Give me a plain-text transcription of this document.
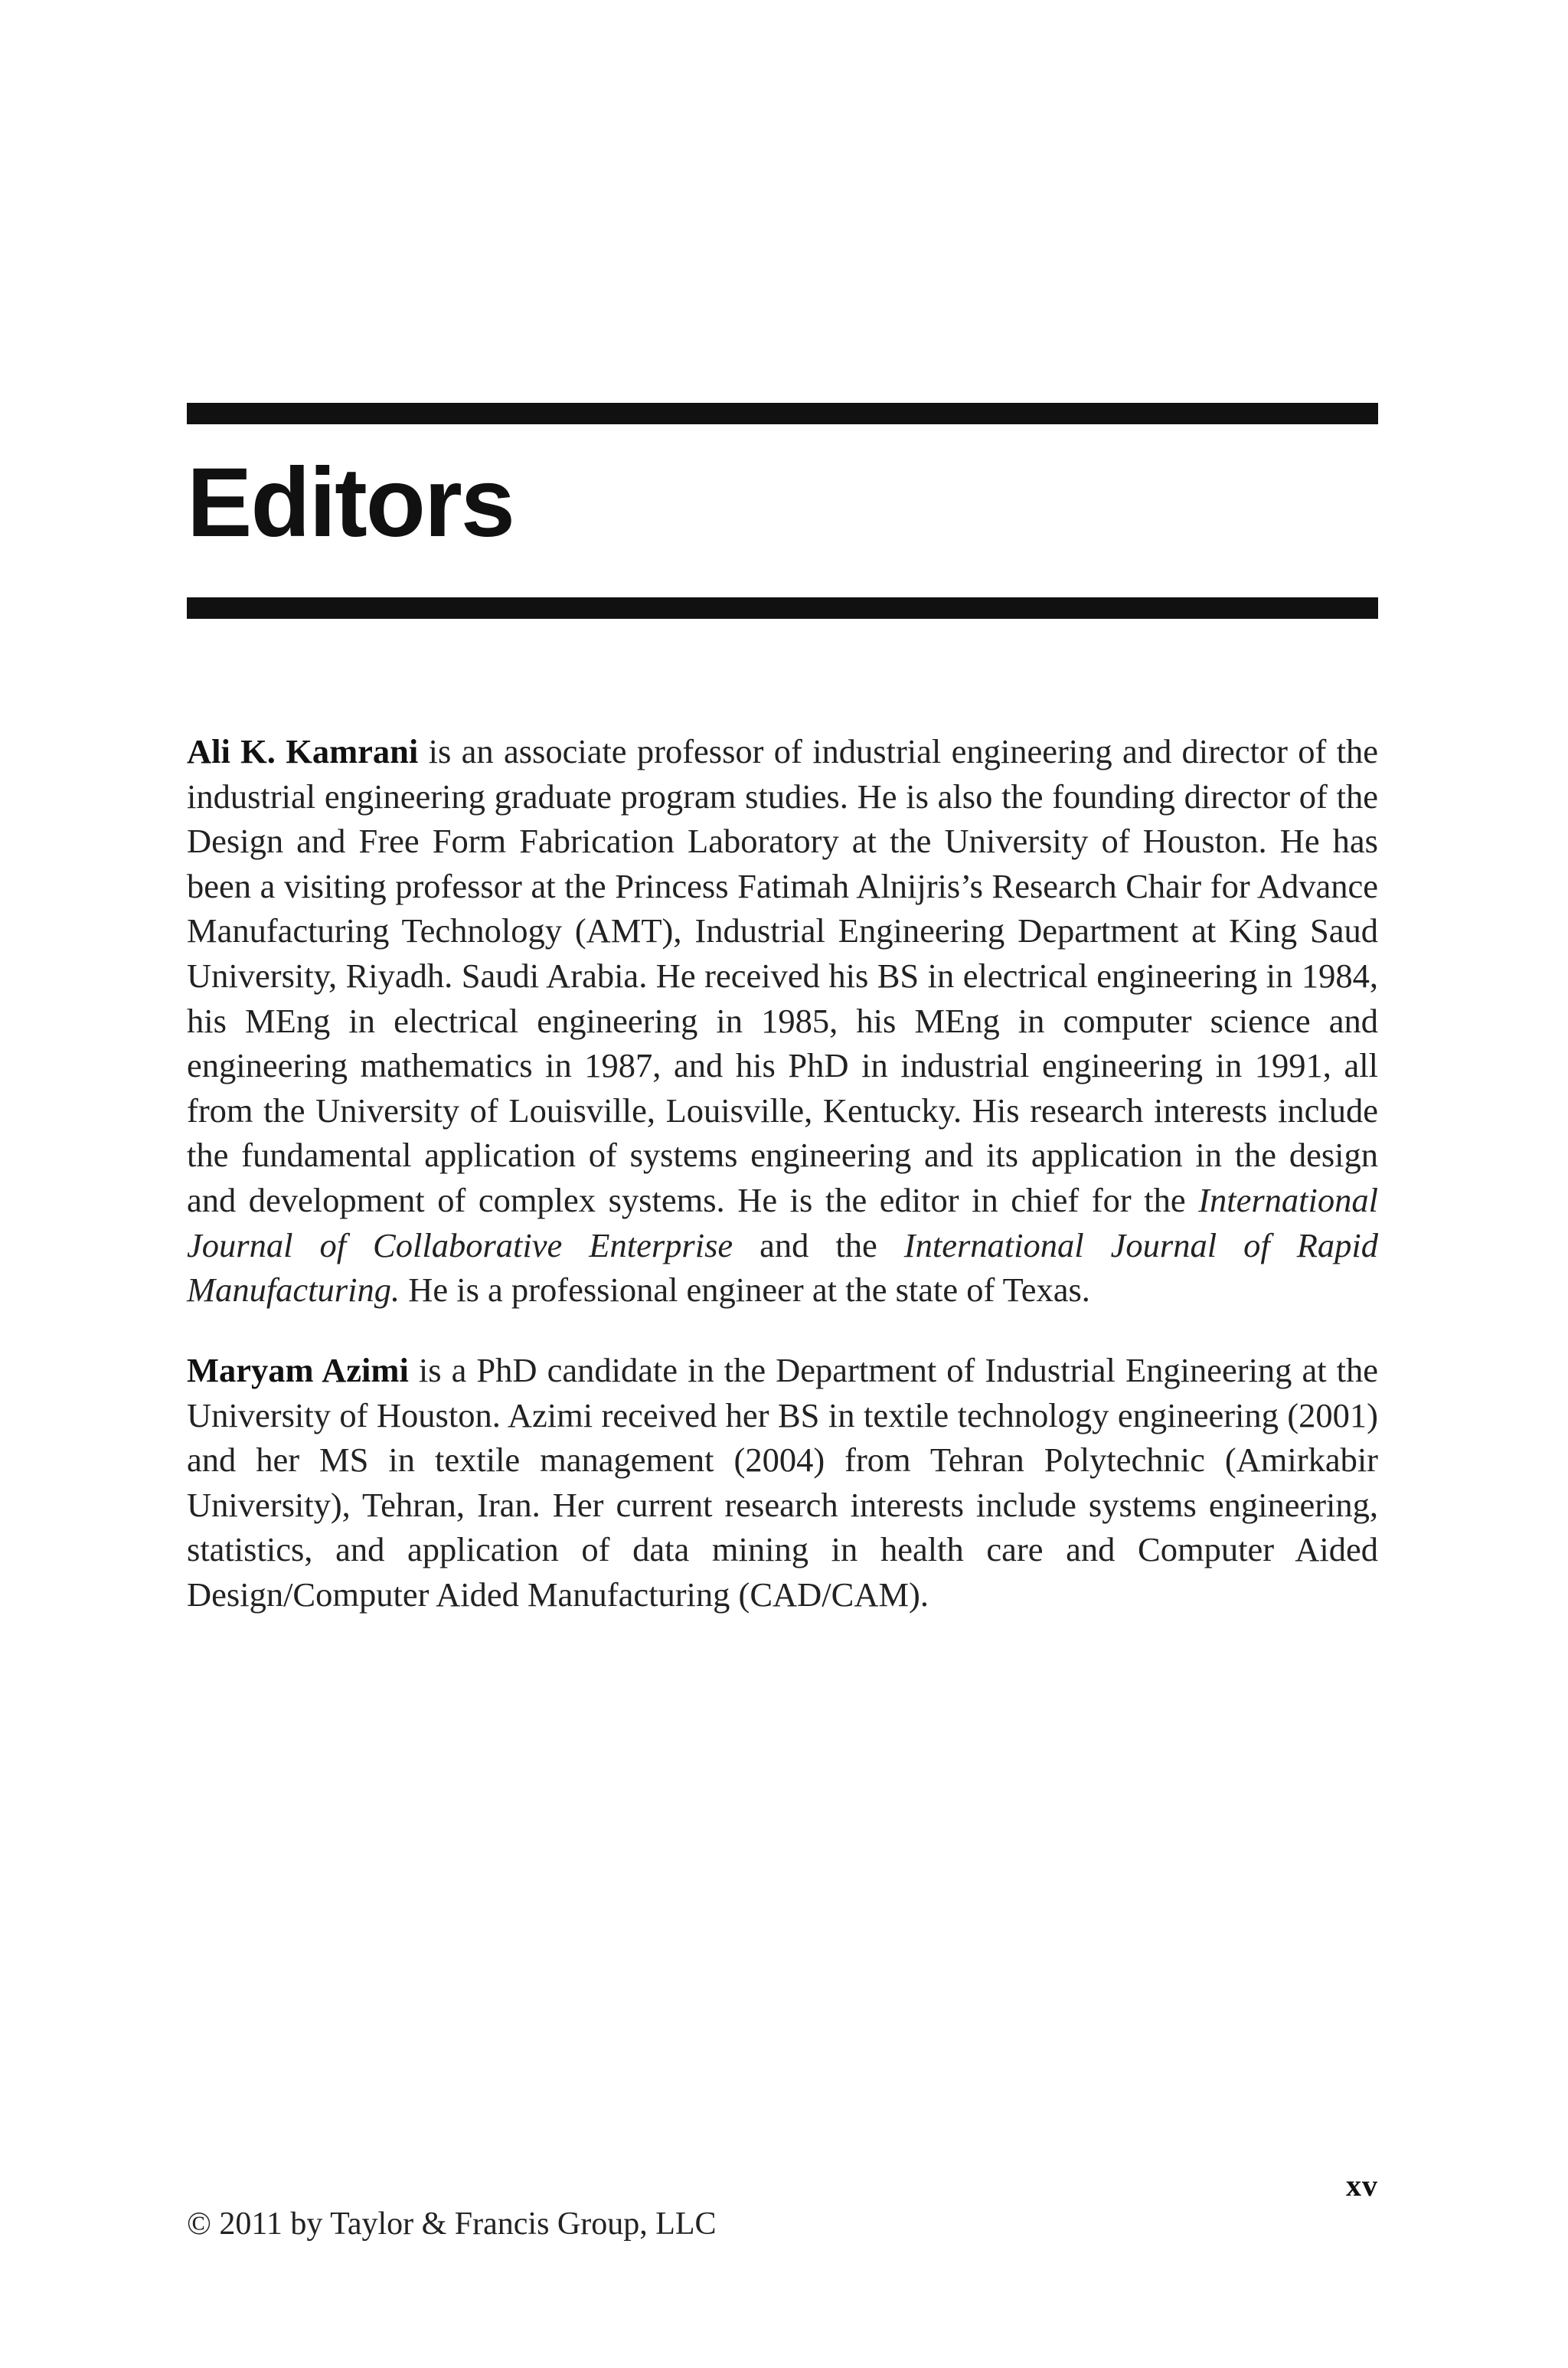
Editors

Ali K. Kamrani is an associate professor of industrial engineering and director of the industrial engineering graduate program studies. He is also the founding director of the Design and Free Form Fabrication Laboratory at the University of Houston. He has been a visiting professor at the Princess Fatimah Alnijris’s Research Chair for Advance Manufacturing Technology (AMT), Industrial Engineering Department at King Saud University, Riyadh. Saudi Arabia. He received his BS in electrical engineering in 1984, his MEng in electrical engineering in 1985, his MEng in computer science and engineering mathematics in 1987, and his PhD in industrial engineering in 1991, all from the University of Louisville, Louisville, Kentucky. His research interests include the fundamental application of systems engineering and its application in the design and development of complex systems. He is the editor in chief for the International Journal of Collaborative Enterprise and the International Journal of Rapid Manufacturing. He is a professional engineer at the state of Texas.

Maryam Azimi is a PhD candidate in the Department of Industrial Engineering at the University of Houston. Azimi received her BS in textile technology engineering (2001) and her MS in textile management (2004) from Tehran Polytechnic (Amirkabir University), Tehran, Iran. Her current research interests include systems engineering, statistics, and application of data mining in health care and Computer Aided Design/Computer Aided Manufacturing (CAD/CAM).

xv
© 2011 by Taylor & Francis Group, LLC
